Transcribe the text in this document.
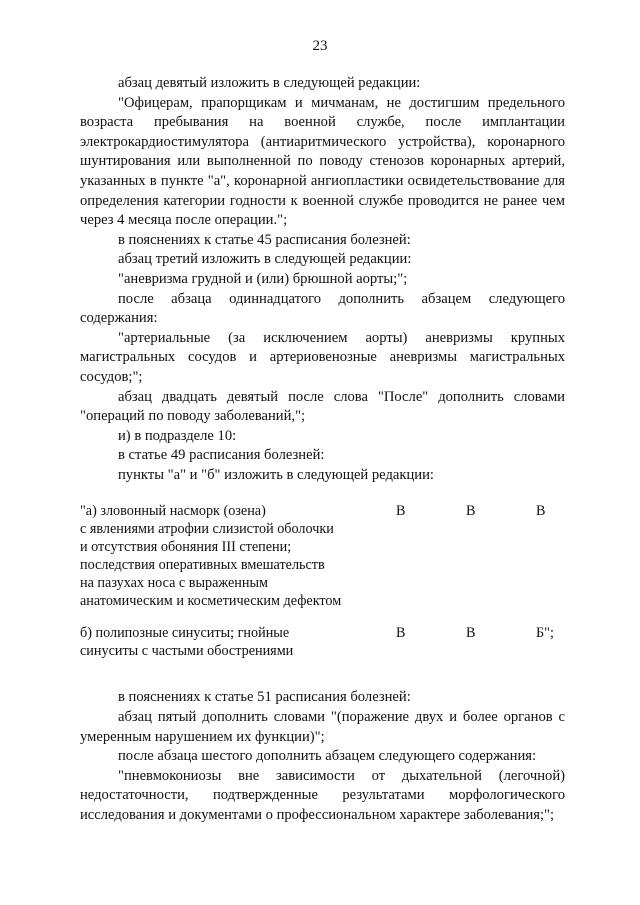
23

абзац девятый изложить в следующей редакции:

"Офицерам, прапорщикам и мичманам, не достигшим предельного возраста пребывания на военной службе, после имплантации электрокардиостимулятора (антиаритмического устройства), коронарного шунтирования или выполненной по поводу стенозов коронарных артерий, указанных в пункте "а", коронарной ангиопластики освидетельствование для определения категории годности к военной службе проводится не ранее чем через 4 месяца после операции.";

в пояснениях к статье 45 расписания болезней:

абзац третий изложить в следующей редакции:

"аневризма грудной и (или) брюшной аорты;";

после абзаца одиннадцатого дополнить абзацем следующего содержания:

"артериальные (за исключением аорты) аневризмы крупных магистральных сосудов и артериовенозные аневризмы магистральных сосудов;";

абзац двадцать девятый после слова "После" дополнить словами "операций по поводу заболеваний,";

и) в подразделе 10:

в статье 49 расписания болезней:

пункты "а" и "б" изложить в следующей редакции:

"а) зловонный насморк (озена)
с явлениями атрофии слизистой оболочки
и отсутствия обоняния III степени;
последствия оперативных вмешательств
на пазухах носа с выраженным
анатомическим и косметическим дефектом
В	В	В
б) полипозные синуситы; гнойные
синуситы с частыми обострениями
В	В	Б";

в пояснениях к статье 51 расписания болезней:

абзац пятый дополнить словами "(поражение двух и более органов с умеренным нарушением их функции)";

после абзаца шестого дополнить абзацем следующего содержания:

"пневмокониозы вне зависимости от дыхательной (легочной) недостаточности, подтвержденные результатами морфологического исследования и документами о профессиональном характере заболевания;";
